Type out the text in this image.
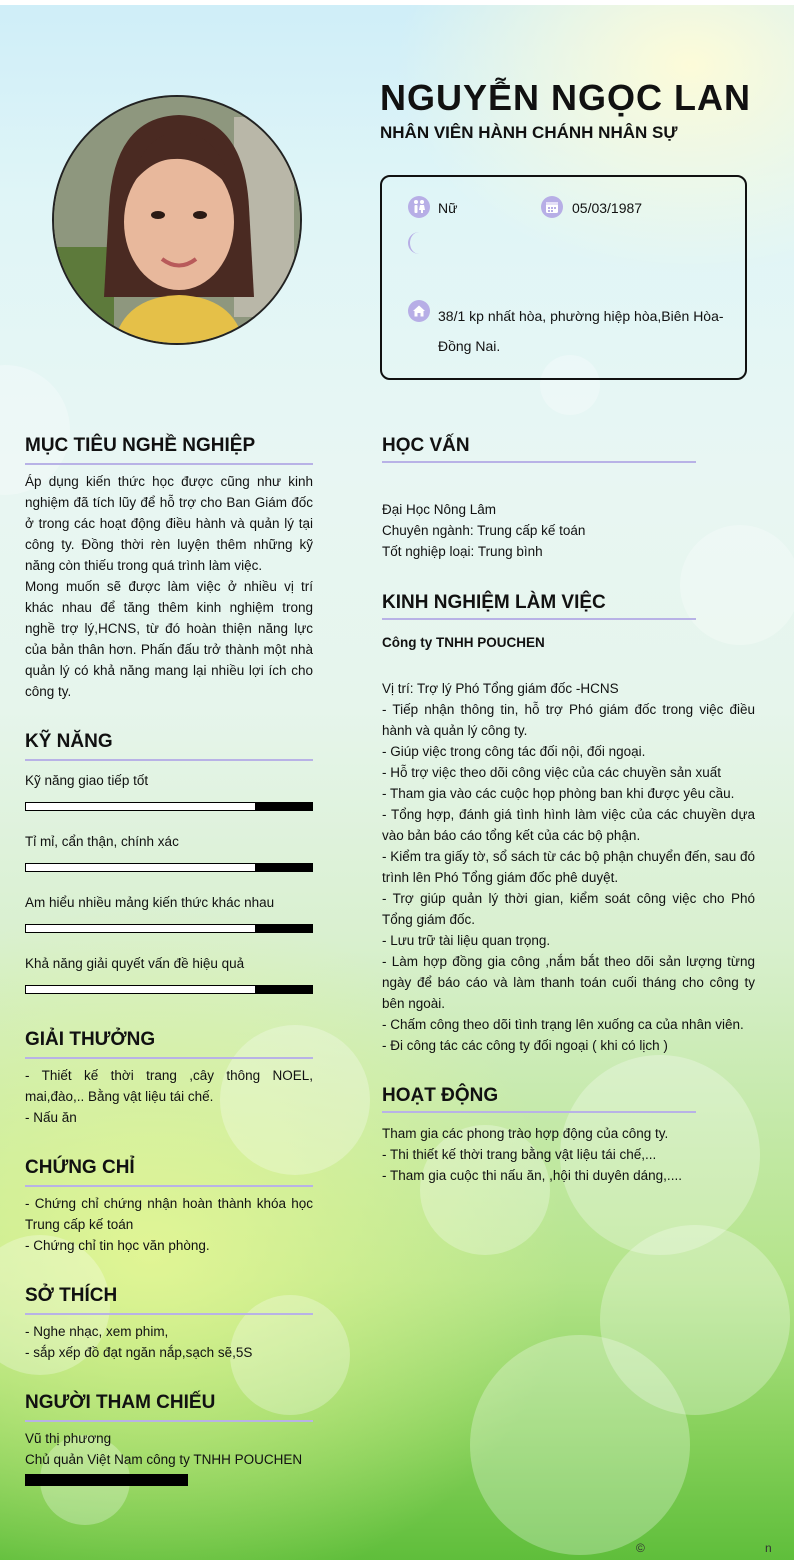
NGUYỄN NGỌC LAN
NHÂN VIÊN HÀNH CHÁNH NHÂN SỰ
Nữ	05/03/1987
38/1 kp nhất hòa, phường hiệp hòa,Biên Hòa- Đồng Nai.
MỤC TIÊU NGHỀ NGHIỆP

Áp dụng kiến thức học được cũng như kinh nghiệm đã tích lũy để hỗ trợ cho Ban Giám đốc ở trong các hoạt động điều hành và quản lý tại công ty. Đồng thời rèn luyện thêm những kỹ năng còn thiếu trong quá trình làm việc.

Mong muốn sẽ được làm việc ở nhiều vị trí khác nhau để tăng thêm kinh nghiệm trong nghề trợ lý,HCNS, từ đó hoàn thiện năng lực của bản thân hơn. Phấn đấu trở thành một nhà quản lý có khả năng mang lại nhiều lợi ích cho công ty.

KỸ NĂNG
Kỹ năng giao tiếp tốt
Tỉ mỉ, cẩn thận, chính xác
Am hiểu nhiều mảng kiến thức khác nhau
Khả năng giải quyết vấn đề hiệu quả
GIẢI THƯỞNG
- Thiết kế thời trang ,cây thông NOEL, mai,đào,.. Bằng vật liệu tái chế.
- Nấu ăn
CHỨNG CHỈ
- Chứng chỉ chứng nhận hoàn thành khóa học Trung cấp kế toán
- Chứng chỉ tin học văn phòng.
SỞ THÍCH
- Nghe nhạc, xem phim,
- sắp xếp đồ đạt ngăn nắp,sạch sẽ,5S
NGƯỜI THAM CHIẾU
Vũ thị phương
Chủ quản Việt Nam công ty TNHH POUCHEN
HỌC VẤN
Đại Học Nông Lâm
Chuyên ngành: Trung cấp kế toán
Tốt nghiệp loại: Trung bình
KINH NGHIỆM LÀM VIỆC
Công ty TNHH POUCHEN
Vị trí: Trợ lý Phó Tổng giám đốc -HCNS
- Tiếp nhận thông tin, hỗ trợ Phó giám đốc trong việc điều hành và quản lý công ty.
- Giúp việc trong công tác đối nội, đối ngoại.
- Hỗ trợ việc theo dõi công việc của các chuyền sản xuất
- Tham gia vào các cuộc họp phòng ban khi được yêu cầu.
- Tổng hợp, đánh giá tình hình làm việc của các chuyền dựa vào bản báo cáo tổng kết của các bộ phận.
- Kiểm tra giấy tờ, sổ sách từ các bộ phận chuyển đến, sau đó trình lên Phó Tổng giám đốc phê duyệt.
- Trợ giúp quản lý thời gian, kiểm soát công việc cho Phó Tổng giám đốc.
- Lưu trữ tài liệu quan trọng.
- Làm hợp đồng gia công ,nắm bắt theo dõi sản lượng từng ngày để báo cáo và làm thanh toán cuối tháng cho công ty bên ngoài.
- Chấm công theo dõi tình trạng lên xuống ca của nhân viên.
- Đi công tác các công ty đối ngoại ( khi có lịch )
HOẠT ĐỘNG
Tham gia các phong trào hợp động của công ty.
- Thi thiết kế thời trang bằng vật liệu tái chế,...
- Tham gia cuộc thi nấu ăn, ,hội thi duyên dáng,....
©	n
